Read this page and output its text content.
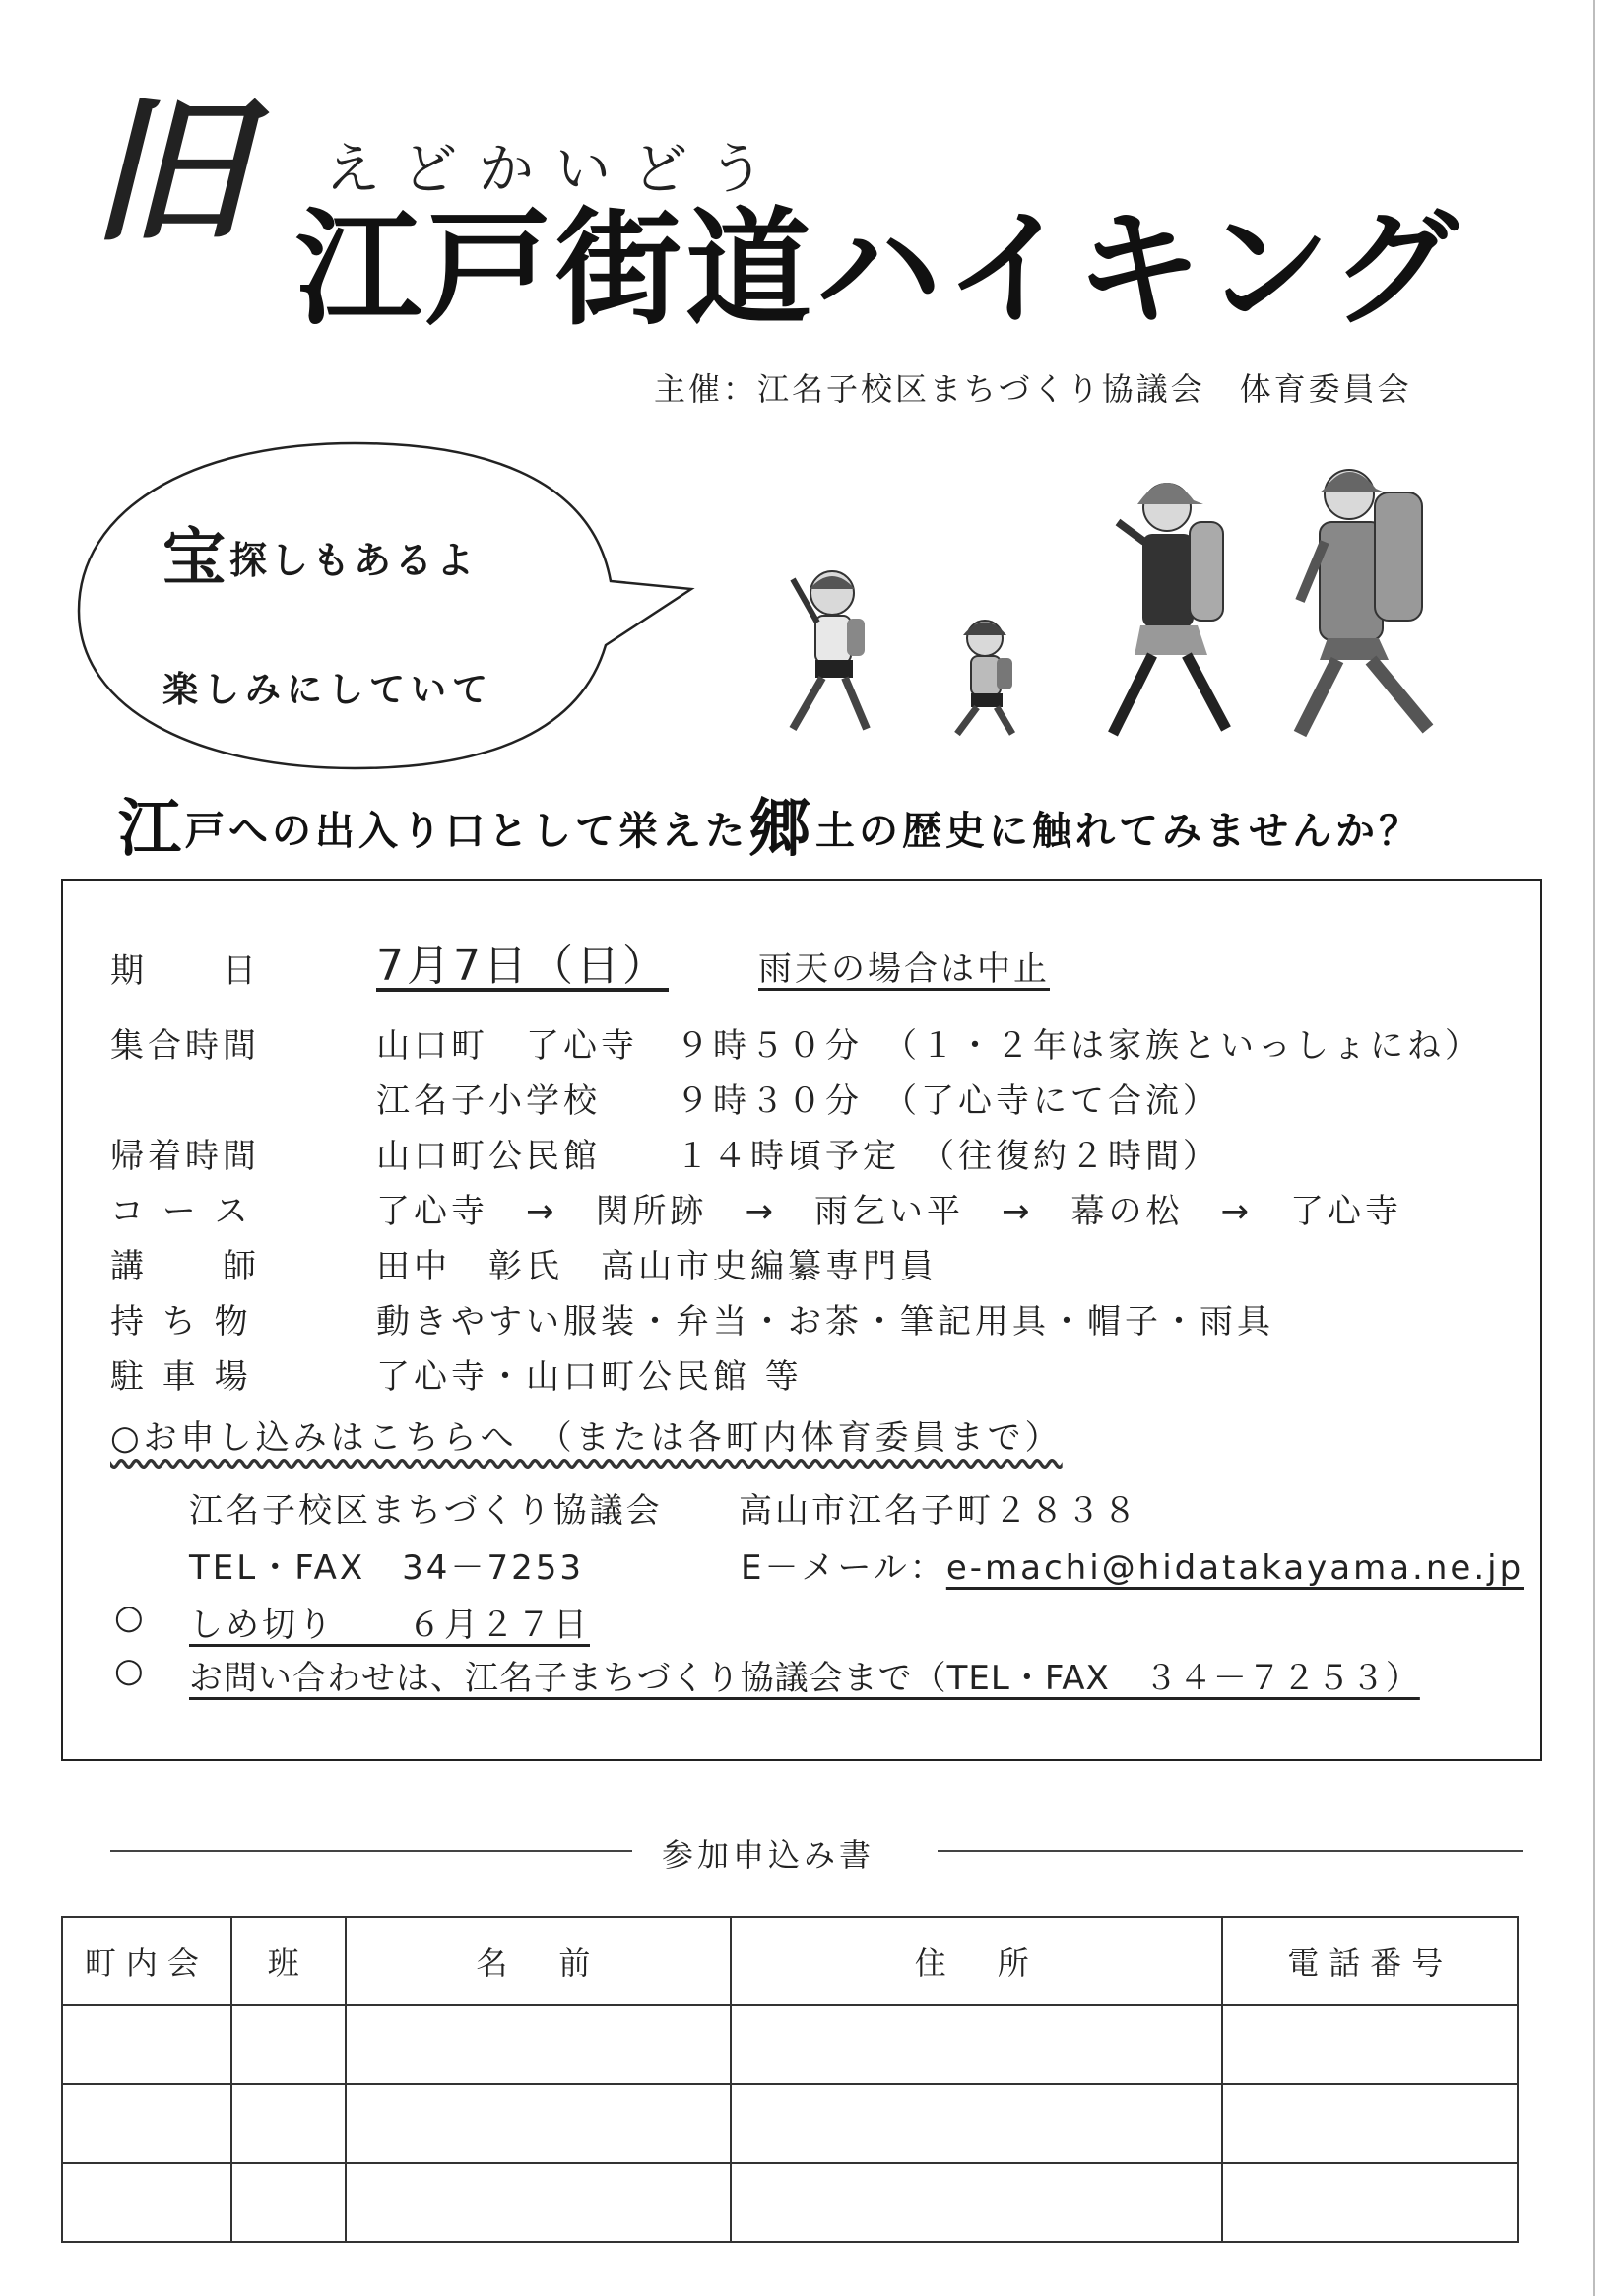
旧 えどかいどう
江戸街道ハイキング
主催：江名子校区まちづくり協議会　体育委員会
宝探しもあるよ
楽しみにしていて
江戸への出入り口として栄えた郷土の歴史に触れてみませんか？
期　　日	7月7日（日）	雨天の場合は中止
集合時間	山口町　了心寺　９時５０分　（１・２年は家族といっしょにね）
江名子小学校　　９時３０分　（了心寺にて合流）
帰着時間	山口町公民館　　１４時頃予定　（往復約２時間）
コ ー ス	了心寺　→　関所跡　→　雨乞い平　→　幕の松　→　了心寺
講　　師	田中　彰氏　高山市史編纂専門員
持 ち 物	動きやすい服装・弁当・お茶・筆記用具・帽子・雨具
駐 車 場	了心寺・山口町公民館 等
○お申し込みはこちらへ　（または各町内体育委員まで）
江名子校区まちづくり協議会 高山市江名子町２８３８
TEL・FAX　34－7253	E－メール：e-machi@hidatakayama.ne.jp
○ しめ切り　　６月２７日
○ お問い合わせは、江名子まちづくり協議会まで（TEL・FAX　３４－７２５３）
参加申込み書
町内会	班	名　前	住　所	電話番号
